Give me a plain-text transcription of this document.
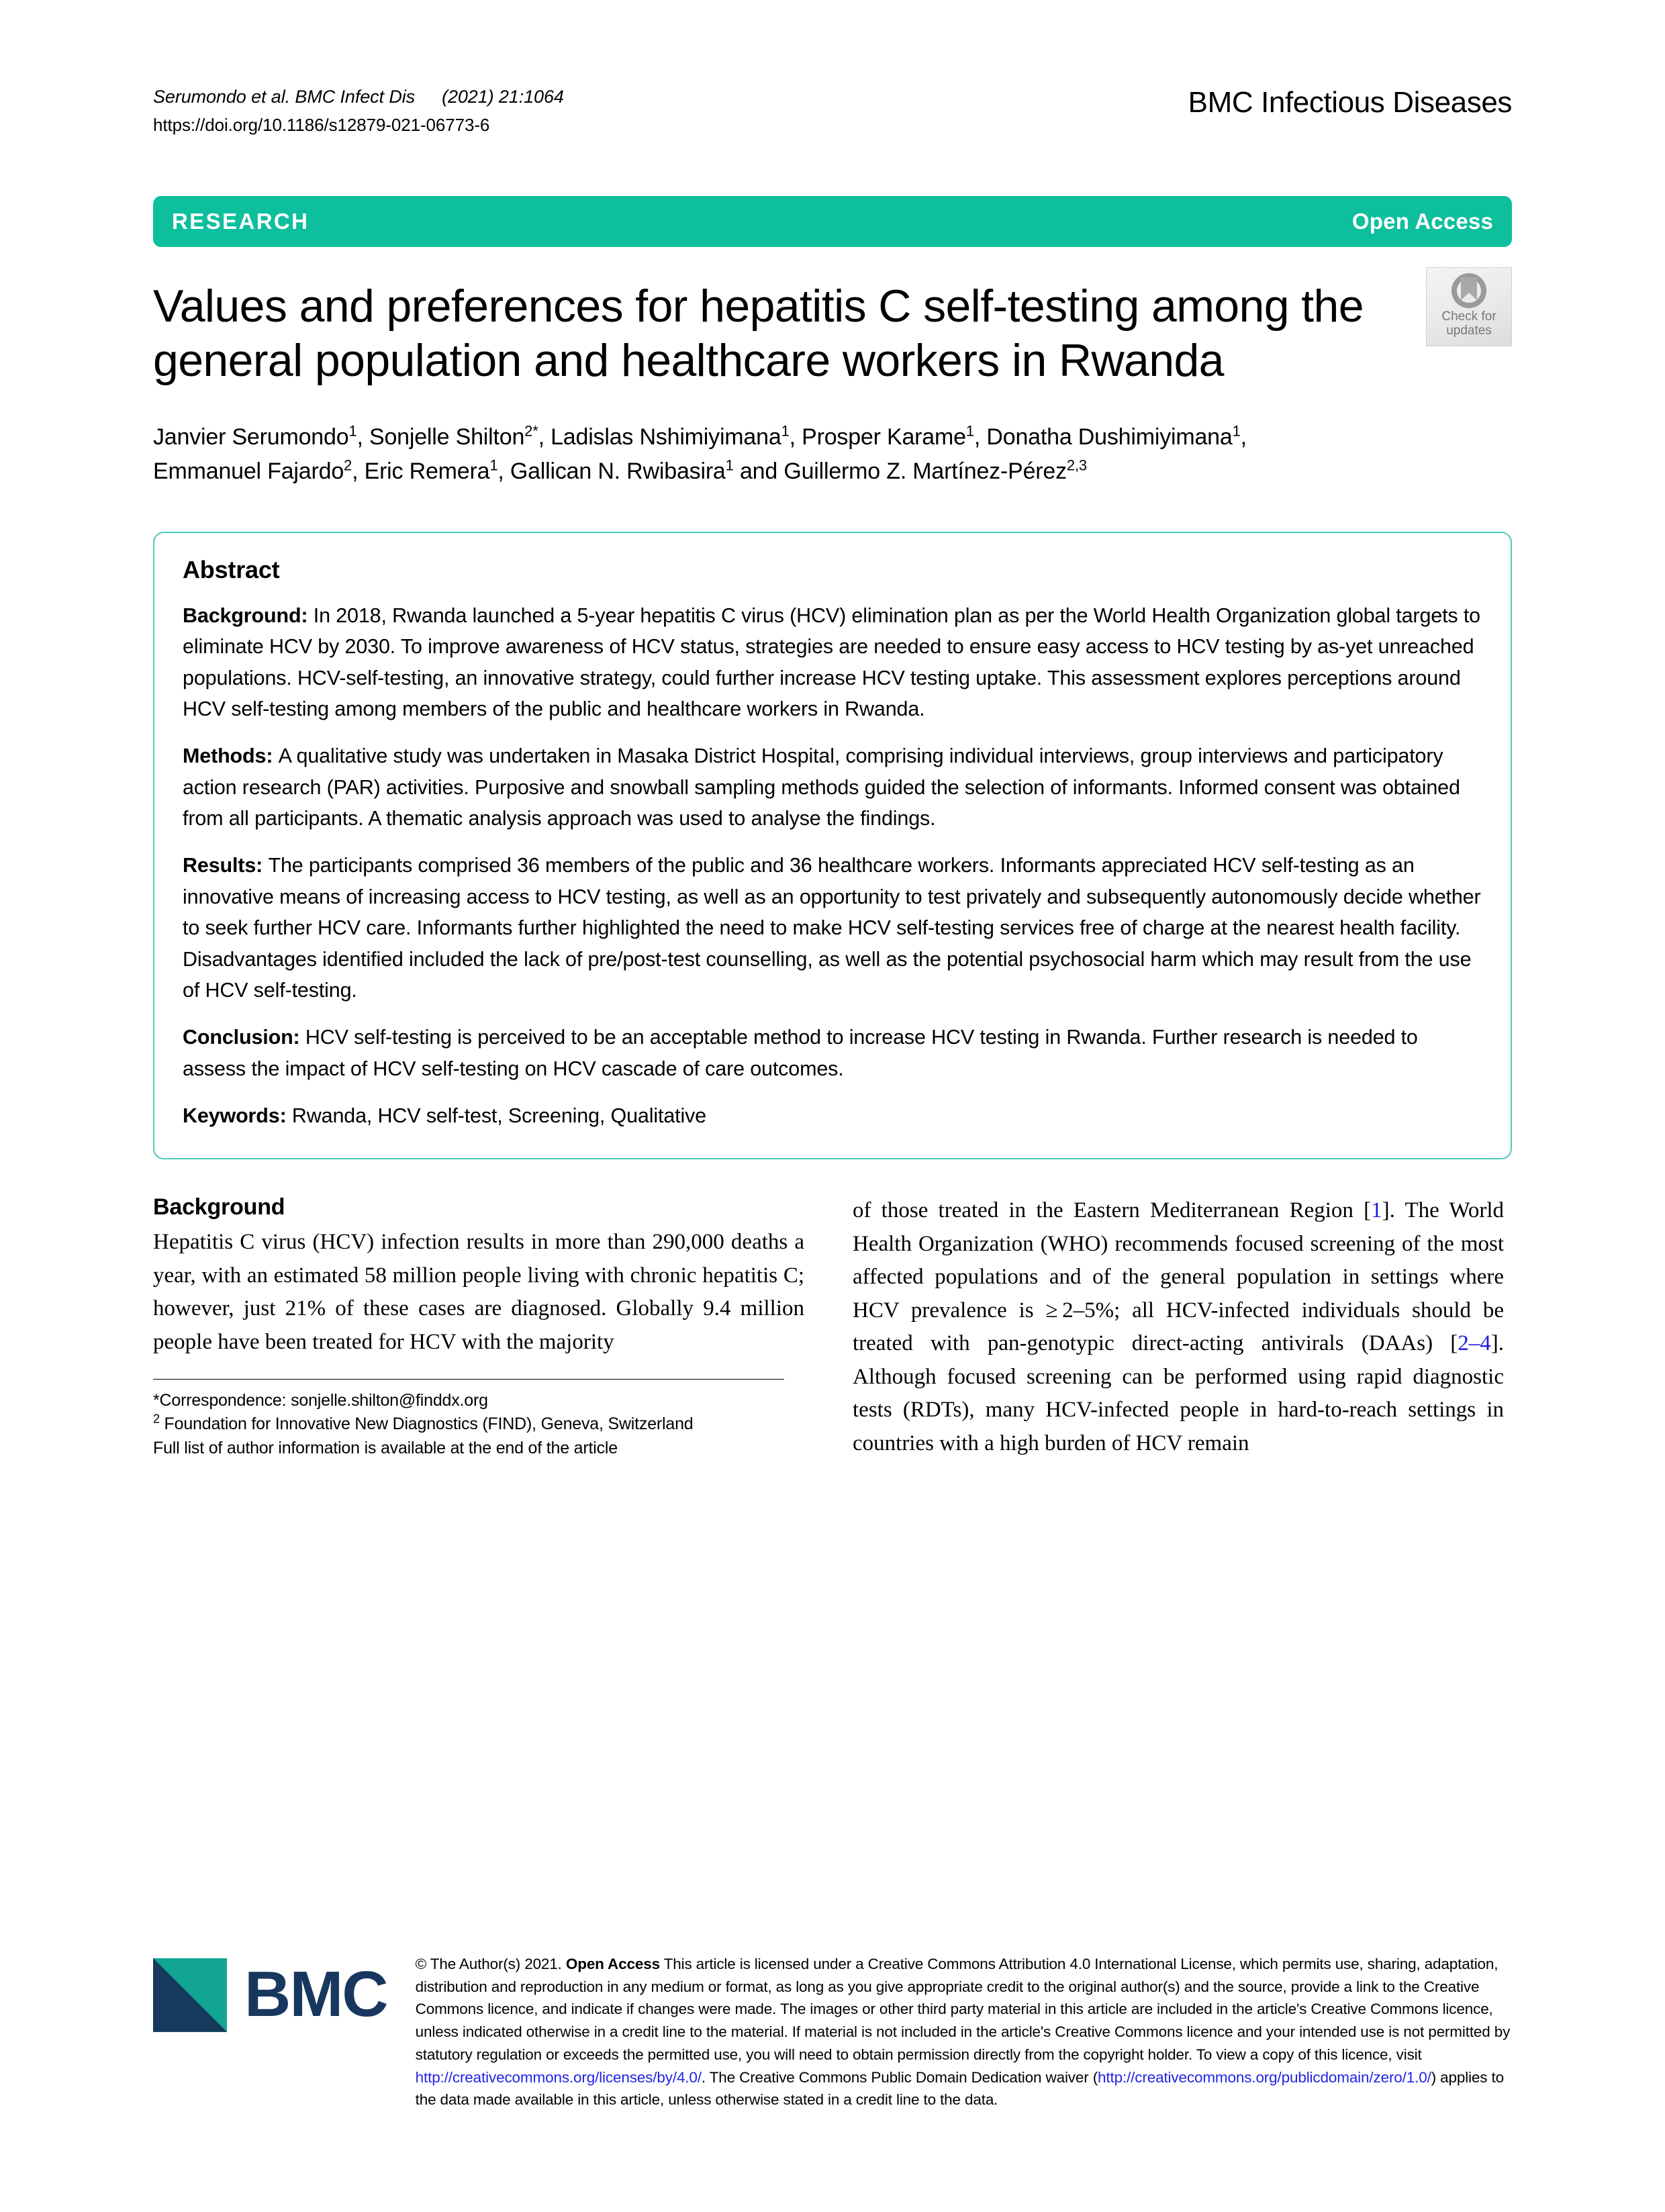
Serumondo et al. BMC Infect Dis (2021) 21:1064
https://doi.org/10.1186/s12879-021-06773-6
BMC Infectious Diseases
RESEARCH	Open Access
Values and preferences for hepatitis C self-testing among the general population and healthcare workers in Rwanda
Janvier Serumondo$^1$, Sonjelle Shilton$^{2*}$, Ladislas Nshimiyimana$^1$, Prosper Karame$^1$, Donatha Dushimiyimana$^1$,
Emmanuel Fajardo$^2$, Eric Remera$^1$, Gallican N. Rwibasira$^1$ and Guillermo Z. Martínez-Pérez$^{2,3}$
Check for
updates
Abstract

Background: In 2018, Rwanda launched a 5-year hepatitis C virus (HCV) elimination plan as per the World Health Organization global targets to eliminate HCV by 2030. To improve awareness of HCV status, strategies are needed to ensure easy access to HCV testing by as-yet unreached populations. HCV-self-testing, an innovative strategy, could further increase HCV testing uptake. This assessment explores perceptions around HCV self-testing among members of the public and healthcare workers in Rwanda.

Methods: A qualitative study was undertaken in Masaka District Hospital, comprising individual interviews, group interviews and participatory action research (PAR) activities. Purposive and snowball sampling methods guided the selection of informants. Informed consent was obtained from all participants. A thematic analysis approach was used to analyse the findings.

Results: The participants comprised 36 members of the public and 36 healthcare workers. Informants appreciated HCV self-testing as an innovative means of increasing access to HCV testing, as well as an opportunity to test privately and subsequently autonomously decide whether to seek further HCV care. Informants further highlighted the need to make HCV self-testing services free of charge at the nearest health facility. Disadvantages identified included the lack of pre/post-test counselling, as well as the potential psychosocial harm which may result from the use of HCV self-testing.

Conclusion: HCV self-testing is perceived to be an acceptable method to increase HCV testing in Rwanda. Further research is needed to assess the impact of HCV self-testing on HCV cascade of care outcomes.

Keywords: Rwanda, HCV self-test, Screening, Qualitative

Background

Hepatitis C virus (HCV) infection results in more than 290,000 deaths a year, with an estimated 58 million people living with chronic hepatitis C; however, just 21% of these cases are diagnosed. Globally 9.4 million people have been treated for HCV with the majority

*Correspondence: sonjelle.shilton@finddx.org
$^2$ Foundation for Innovative New Diagnostics (FIND), Geneva, Switzerland
Full list of author information is available at the end of the article

of those treated in the Eastern Mediterranean Region [1]. The World Health Organization (WHO) recommends focused screening of the most affected populations and of the general population in settings where HCV prevalence is ≥ 2–5%; all HCV-infected individuals should be treated with pan-genotypic direct-acting antivirals (DAAs) [2–4]. Although focused screening can be performed using rapid diagnostic tests (RDTs), many HCV-infected people in hard-to-reach settings in countries with a high burden of HCV remain

BMC © The Author(s) 2021. Open Access This article is licensed under a Creative Commons Attribution 4.0 International License, which permits use, sharing, adaptation, distribution and reproduction in any medium or format, as long as you give appropriate credit to the original author(s) and the source, provide a link to the Creative Commons licence, and indicate if changes were made. The images or other third party material in this article are included in the article's Creative Commons licence, unless indicated otherwise in a credit line to the material. If material is not included in the article's Creative Commons licence and your intended use is not permitted by statutory regulation or exceeds the permitted use, you will need to obtain permission directly from the copyright holder. To view a copy of this licence, visit http://creativecommons.org/licenses/by/4.0/. The Creative Commons Public Domain Dedication waiver (http://creativecommons.org/publicdomain/zero/1.0/) applies to the data made available in this article, unless otherwise stated in a credit line to the data.
